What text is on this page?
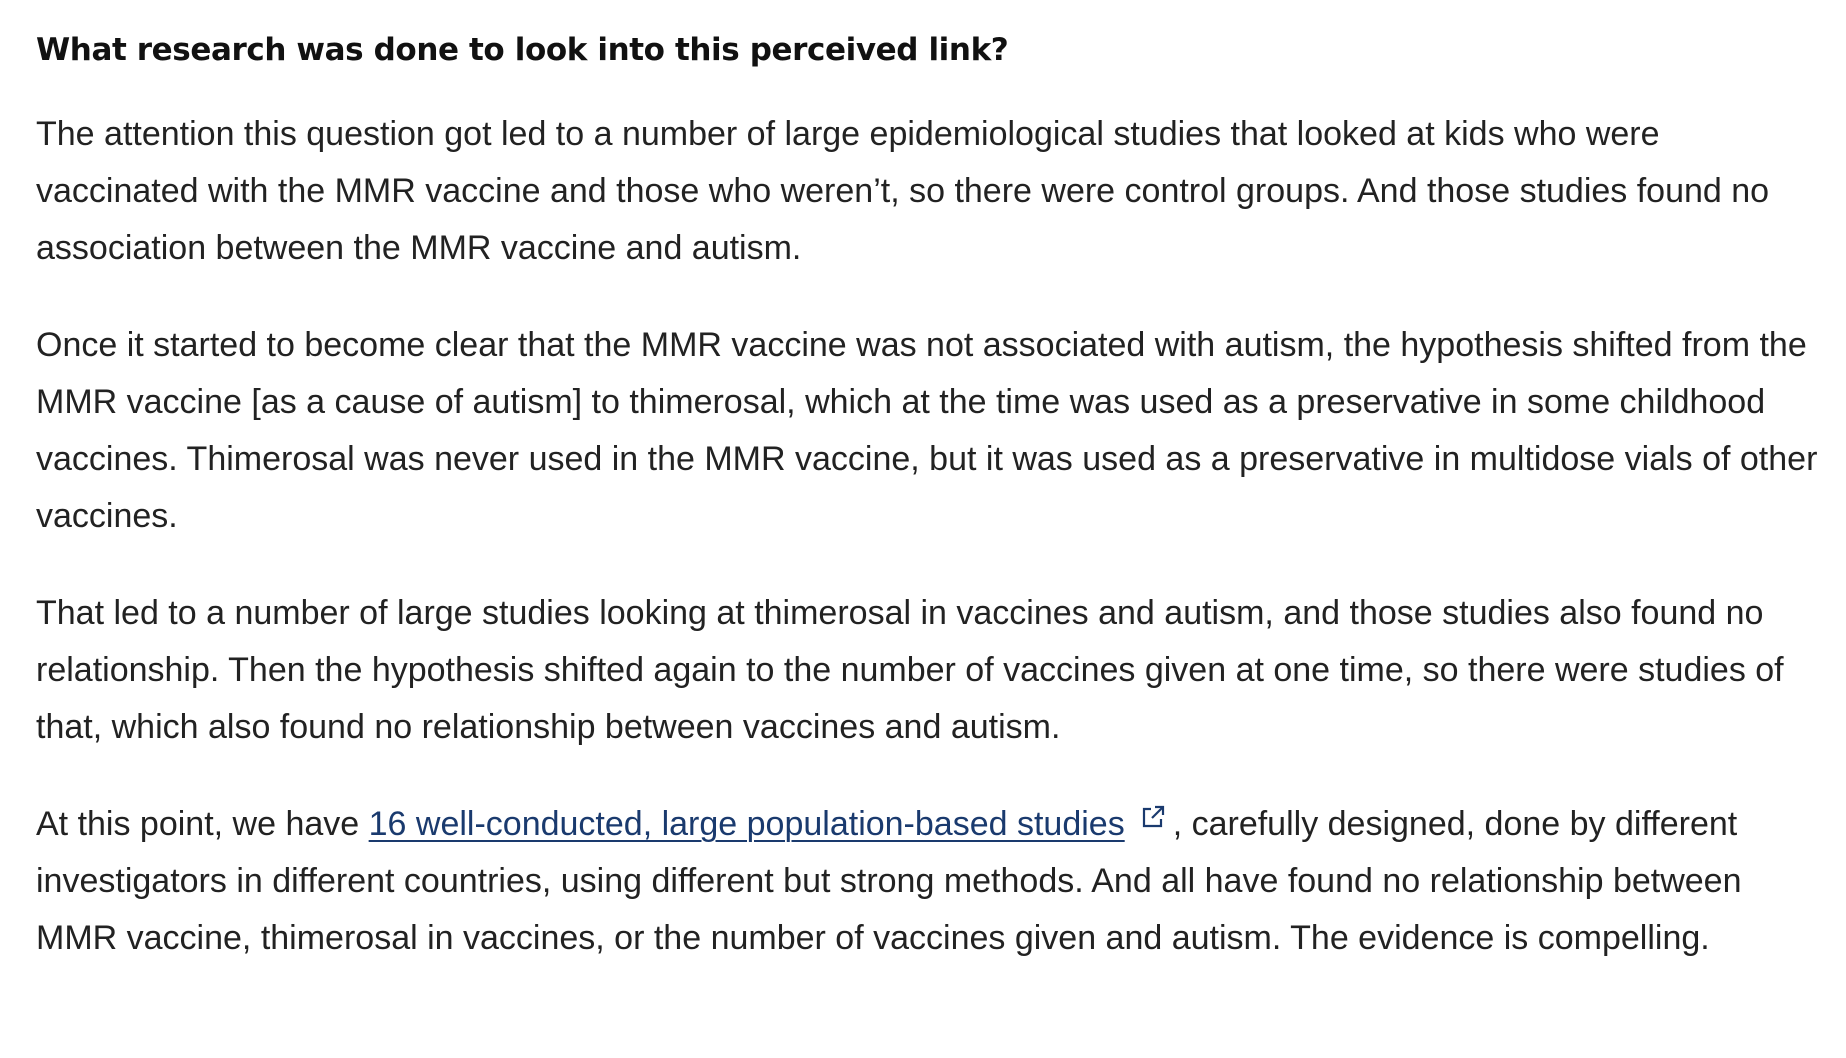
What research was done to look into this perceived link?

The attention this question got led to a number of large epidemiological studies that looked at kids who were vaccinated with the MMR vaccine and those who weren’t, so there were control groups. And those studies found no association between the MMR vaccine and autism.

Once it started to become clear that the MMR vaccine was not associated with autism, the hypothesis shifted from the MMR vaccine [as a cause of autism] to thimerosal, which at the time was used as a preservative in some childhood vaccines. Thimerosal was never used in the MMR vaccine, but it was used as a preservative in multidose vials of other vaccines.

That led to a number of large studies looking at thimerosal in vaccines and autism, and those studies also found no relationship. Then the hypothesis shifted again to the number of vaccines given at one time, so there were studies of that, which also found no relationship between vaccines and autism.

At this point, we have 16 well-conducted, large population-based studies , carefully designed, done by different investigators in different countries, using different but strong methods. And all have found no relationship between MMR vaccine, thimerosal in vaccines, or the number of vaccines given and autism. The evidence is compelling.
